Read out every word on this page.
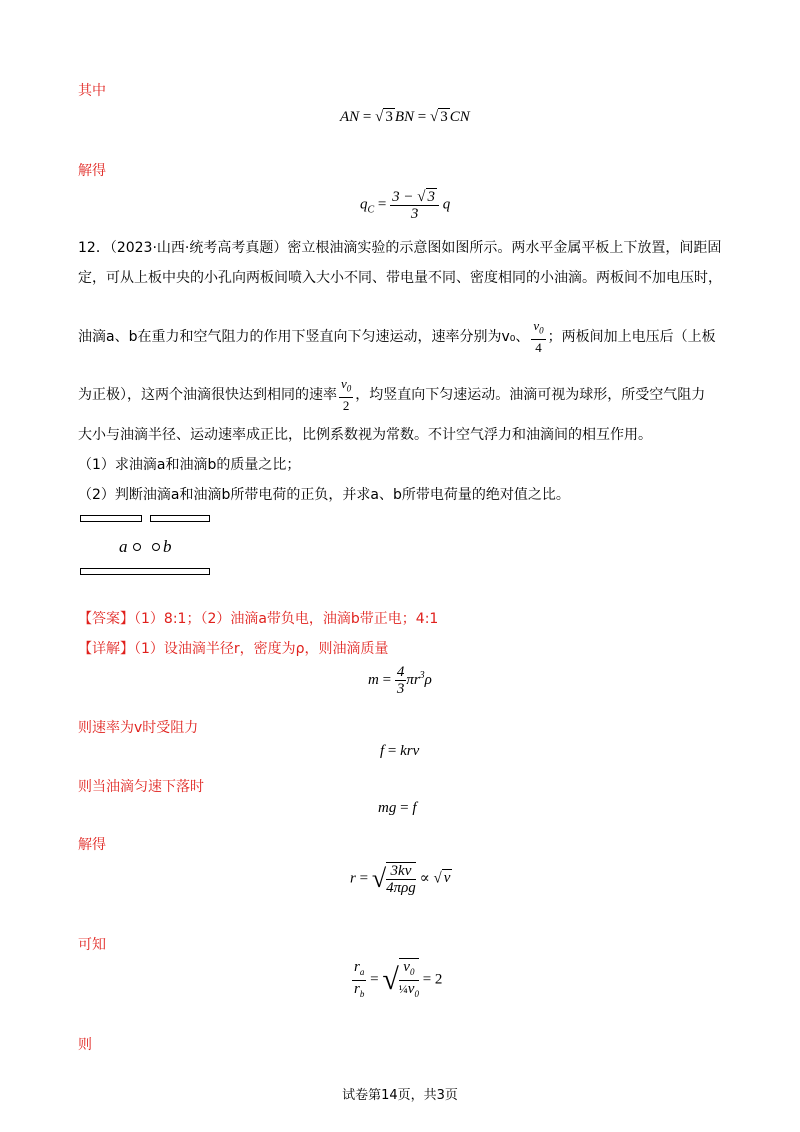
其中
AN = √ 3 BN = √ 3 CN
解得
$q_C = \frac{3 - √ 3}{3}$ q
12．（2023·山西·统考高考真题）密立根油滴实验的示意图如图所示。两水平金属平板上下放置，间距固
定，可从上板中央的小孔向两板间喷入大小不同、带电量不同、密度相同的小油滴。两板间不加电压时，
油滴a、b在重力和空气阻力的作用下竖直向下匀速运动，速率分别为v₀、 $\frac{v_0}{4}$ ；两板间加上电压后（上板
为正极），这两个油滴很快达到相同的速率 $\frac{v_0}{2}$ ，均竖直向下匀速运动。油滴可视为球形，所受空气阻力
大小与油滴半径、运动速率成正比，比例系数视为常数。不计空气浮力和油滴间的相互作用。
（1）求油滴a和油滴b的质量之比；
（2）判断油滴a和油滴b所带电荷的正负，并求a、b所带电荷量的绝对值之比。
a b
【答案】（1）8:1；（2）油滴a带负电，油滴b带正电；4:1
【详解】（1）设油滴半径r，密度为ρ，则油滴质量
$m = \frac{4}{3} \pi r^3\rho$
则速率为v时受阻力
f = krv
则当油滴匀速下落时
mg = f
解得
r = √ $\frac{3kv}{\text{4πρg}}$ ∝ √ v
可知
$\frac{r_a}{r_b}$ = √ $\frac{v_0}{\frac{1}{4}v_0} = 2$
则
试卷第14页，共3页
